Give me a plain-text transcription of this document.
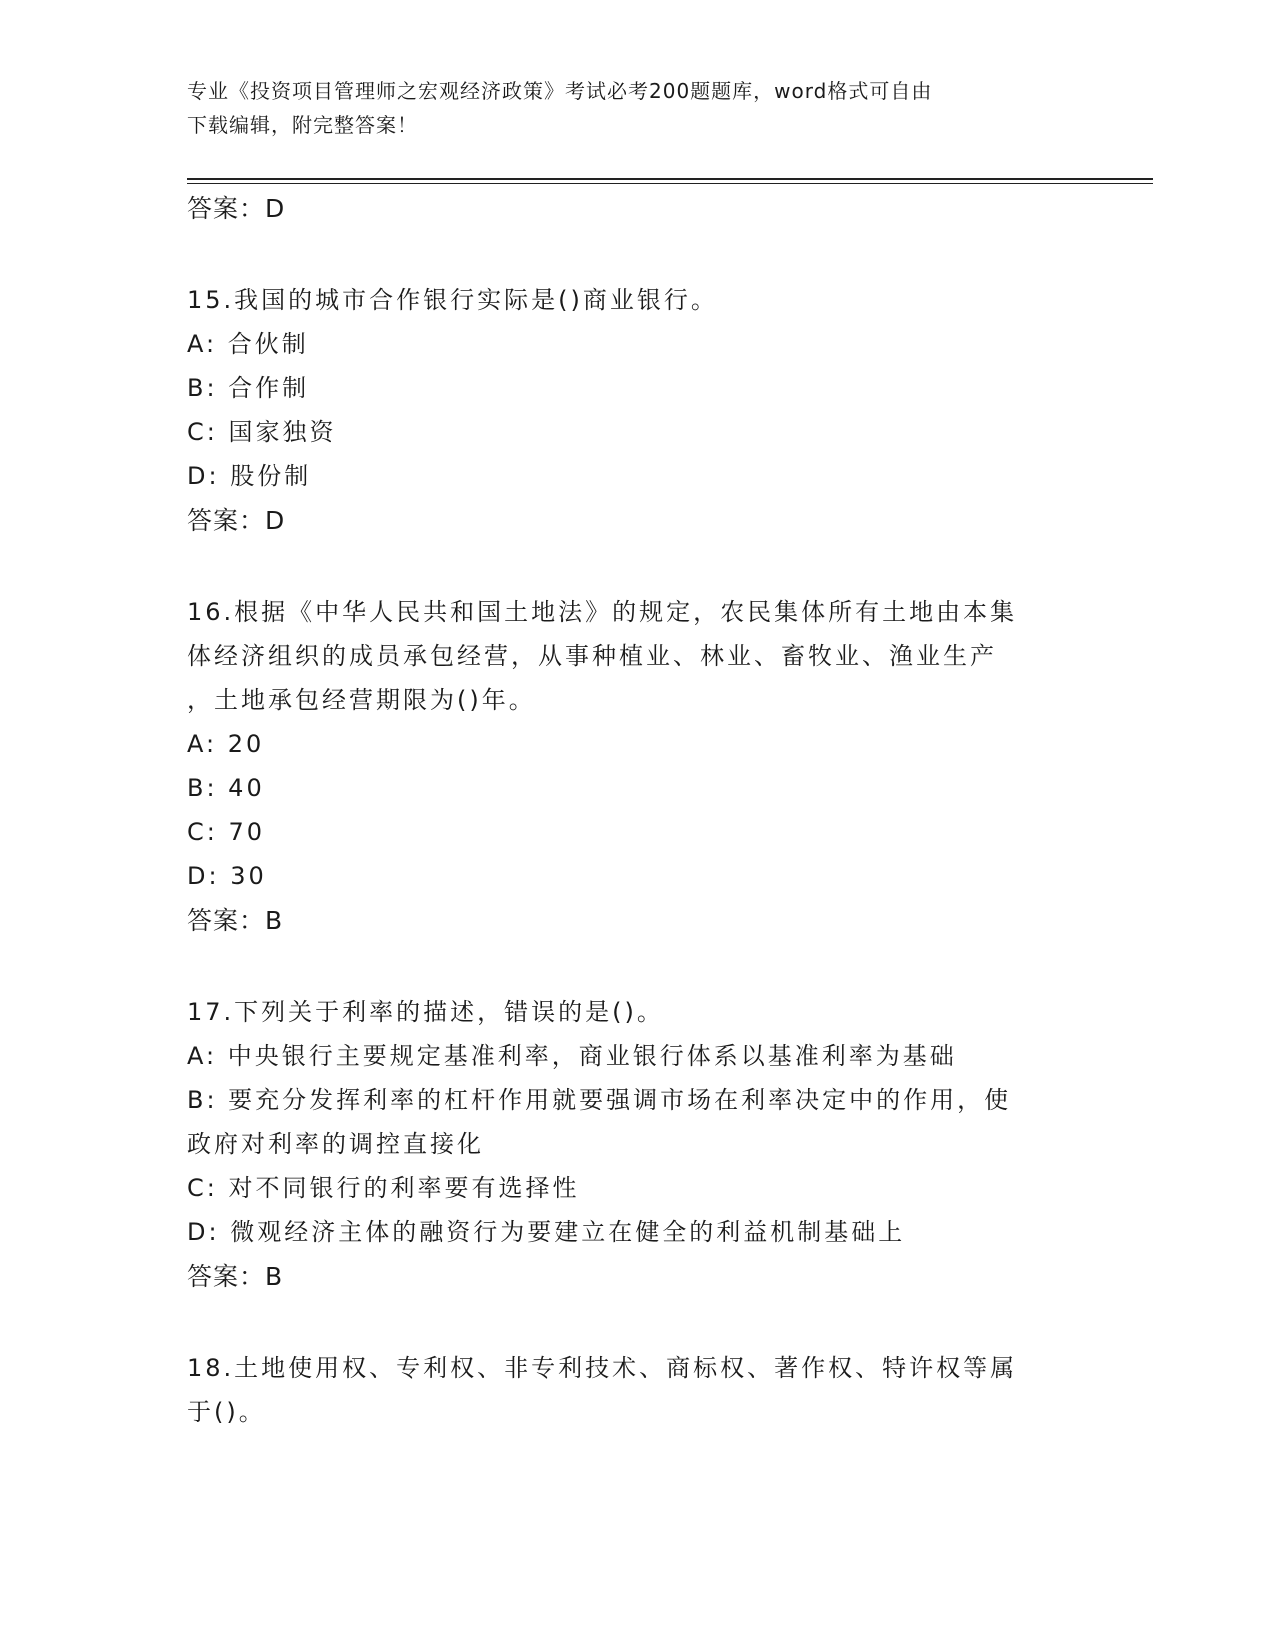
专业《投资项目管理师之宏观经济政策》考试必考200题题库，word格式可自由
下载编辑，附完整答案！
答案：D
15.我国的城市合作银行实际是()商业银行。
A: 合伙制
B: 合作制
C: 国家独资
D: 股份制
答案：D
16.根据《中华人民共和国土地法》的规定，农民集体所有土地由本集
体经济组织的成员承包经营，从事种植业、林业、畜牧业、渔业生产
，土地承包经营期限为()年。
A: 20
B: 40
C: 70
D: 30
答案：B
17.下列关于利率的描述，错误的是()。
A: 中央银行主要规定基准利率，商业银行体系以基准利率为基础
B: 要充分发挥利率的杠杆作用就要强调市场在利率决定中的作用，使
政府对利率的调控直接化
C: 对不同银行的利率要有选择性
D: 微观经济主体的融资行为要建立在健全的利益机制基础上
答案：B
18.土地使用权、专利权、非专利技术、商标权、著作权、特许权等属
于()。
